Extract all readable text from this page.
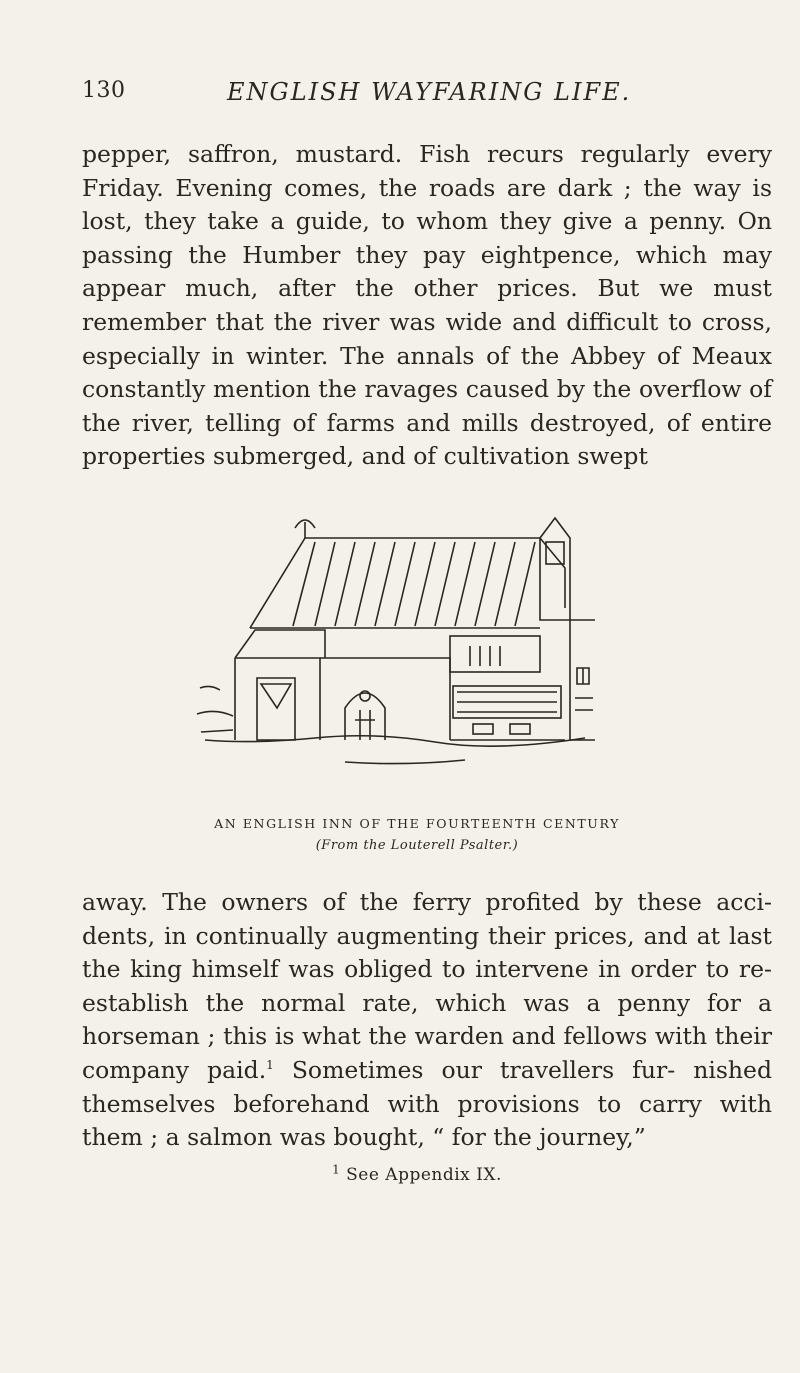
130	ENGLISH WAYFARING LIFE.

pepper, saffron, mustard. Fish recurs regularly every Friday. Evening comes, the roads are dark ; the way is lost, they take a guide, to whom they give a penny. On passing the Humber they pay eightpence, which may appear much, after the other prices. But we must remember that the river was wide and difficult to cross, especially in winter. The annals of the Abbey of Meaux constantly mention the ravages caused by the overflow of the river, telling of farms and mills destroyed, of entire properties submerged, and of cultivation swept

AN ENGLISH INN OF THE FOURTEENTH CENTURY
(From the Louterell Psalter.)

away. The owners of the ferry profited by these acci- dents, in continually augmenting their prices, and at last the king himself was obliged to intervene in order to re-establish the normal rate, which was a penny for a horseman ; this is what the warden and fellows with their company paid.$^1$ Sometimes our travellers fur- nished themselves beforehand with provisions to carry with them ; a salmon was bought, “ for the journey,”

$^1$ See Appendix IX.
